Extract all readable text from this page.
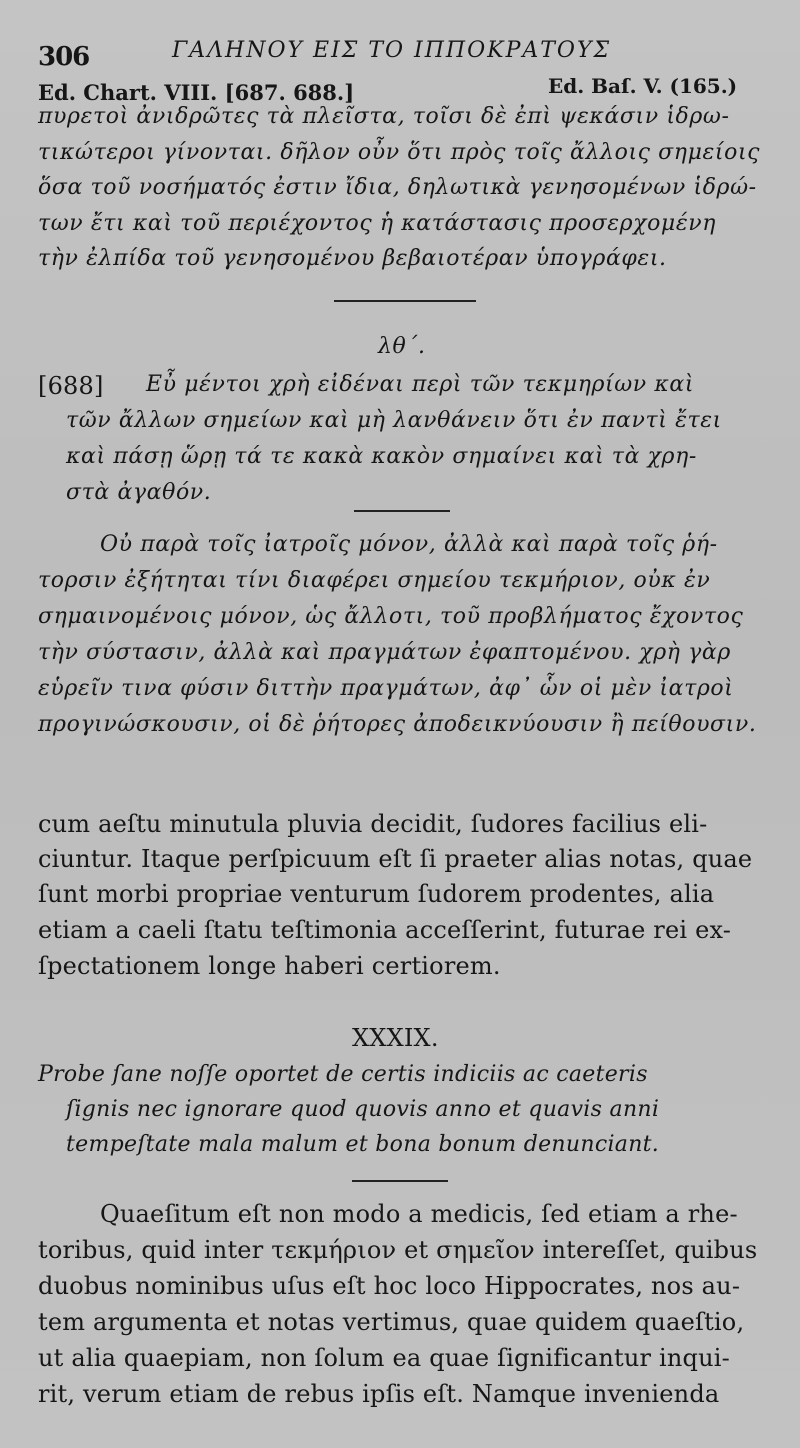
306	ΓΑΛΗΝΟΥ ΕΙΣ ΤΟ ΙΠΠΟΚΡΑΤΟΥΣ
Ed. Chart. VIII. [687. 688.]	Ed. Baſ. V. (165.)
πυρετοὶ ἀνιδρῶτες τὰ πλεῖστα, τοῖσι δὲ ἐπὶ ψεκάσιν ἱδρω-
τικώτεροι γίνονται. δῆλον οὖν ὅτι πρὸς τοῖς ἄλλοις σημείοις
ὅσα τοῦ νοσήματός ἐστιν ἴδια, δηλωτικὰ γενησομένων ἱδρώ-
των ἔτι καὶ τοῦ περιέχοντος ἡ κατάστασις προσερχομένη
τὴν ἐλπίδα τοῦ γενησομένου βεβαιοτέραν ὑπογράφει.
λθ΄.
[688] Εὖ μέντοι χρὴ εἰδέναι περὶ τῶν τεκμηρίων καὶ
τῶν ἄλλων σημείων καὶ μὴ λανθάνειν ὅτι ἐν παντὶ ἔτει
καὶ πάσῃ ὥρῃ τά τε κακὰ κακὸν σημαίνει καὶ τὰ χρη-
στὰ ἀγαθόν.
Οὐ παρὰ τοῖς ἰατροῖς μόνον, ἀλλὰ καὶ παρὰ τοῖς ῥή-
τορσιν ἐξήτηται τίνι διαφέρει σημείου τεκμήριον, οὐκ ἐν
σημαινομένοις μόνον, ὡς ἄλλοτι, τοῦ προβλήματος ἔχοντος
τὴν σύστασιν, ἀλλὰ καὶ πραγμάτων ἐφαπτομένου. χρὴ γὰρ
εὑρεῖν τινα φύσιν διττὴν πραγμάτων, ἀφ᾽ ὧν οἱ μὲν ἰατροὶ
προγινώσκουσιν, οἱ δὲ ῥήτορες ἀποδεικνύουσιν ἢ πείθουσιν.
cum aeſtu minutula pluvia decidit, ſudores facilius eli-
ciuntur. Itaque perſpicuum eſt ſi praeter alias notas, quae
ſunt morbi propriae venturum ſudorem prodentes, alia
etiam a caeli ſtatu teſtimonia acceſſerint, futurae rei ex-
ſpectationem longe haberi certiorem.
XXXIX.
Probe ſane noſſe oportet de certis indiciis ac caeteris
ſignis nec ignorare quod quovis anno et quavis anni
tempeſtate mala malum et bona bonum denunciant.
Quaeſitum eſt non modo a medicis, ſed etiam a rhe-
toribus, quid inter τεκμήριον et σημεῖον intereſſet, quibus
duobus nominibus uſus eſt hoc loco Hippocrates, nos au-
tem argumenta et notas vertimus, quae quidem quaeſtio,
ut alia quaepiam, non ſolum ea quae ſignificantur inqui-
rit, verum etiam de rebus ipſis eſt. Namque invenienda
